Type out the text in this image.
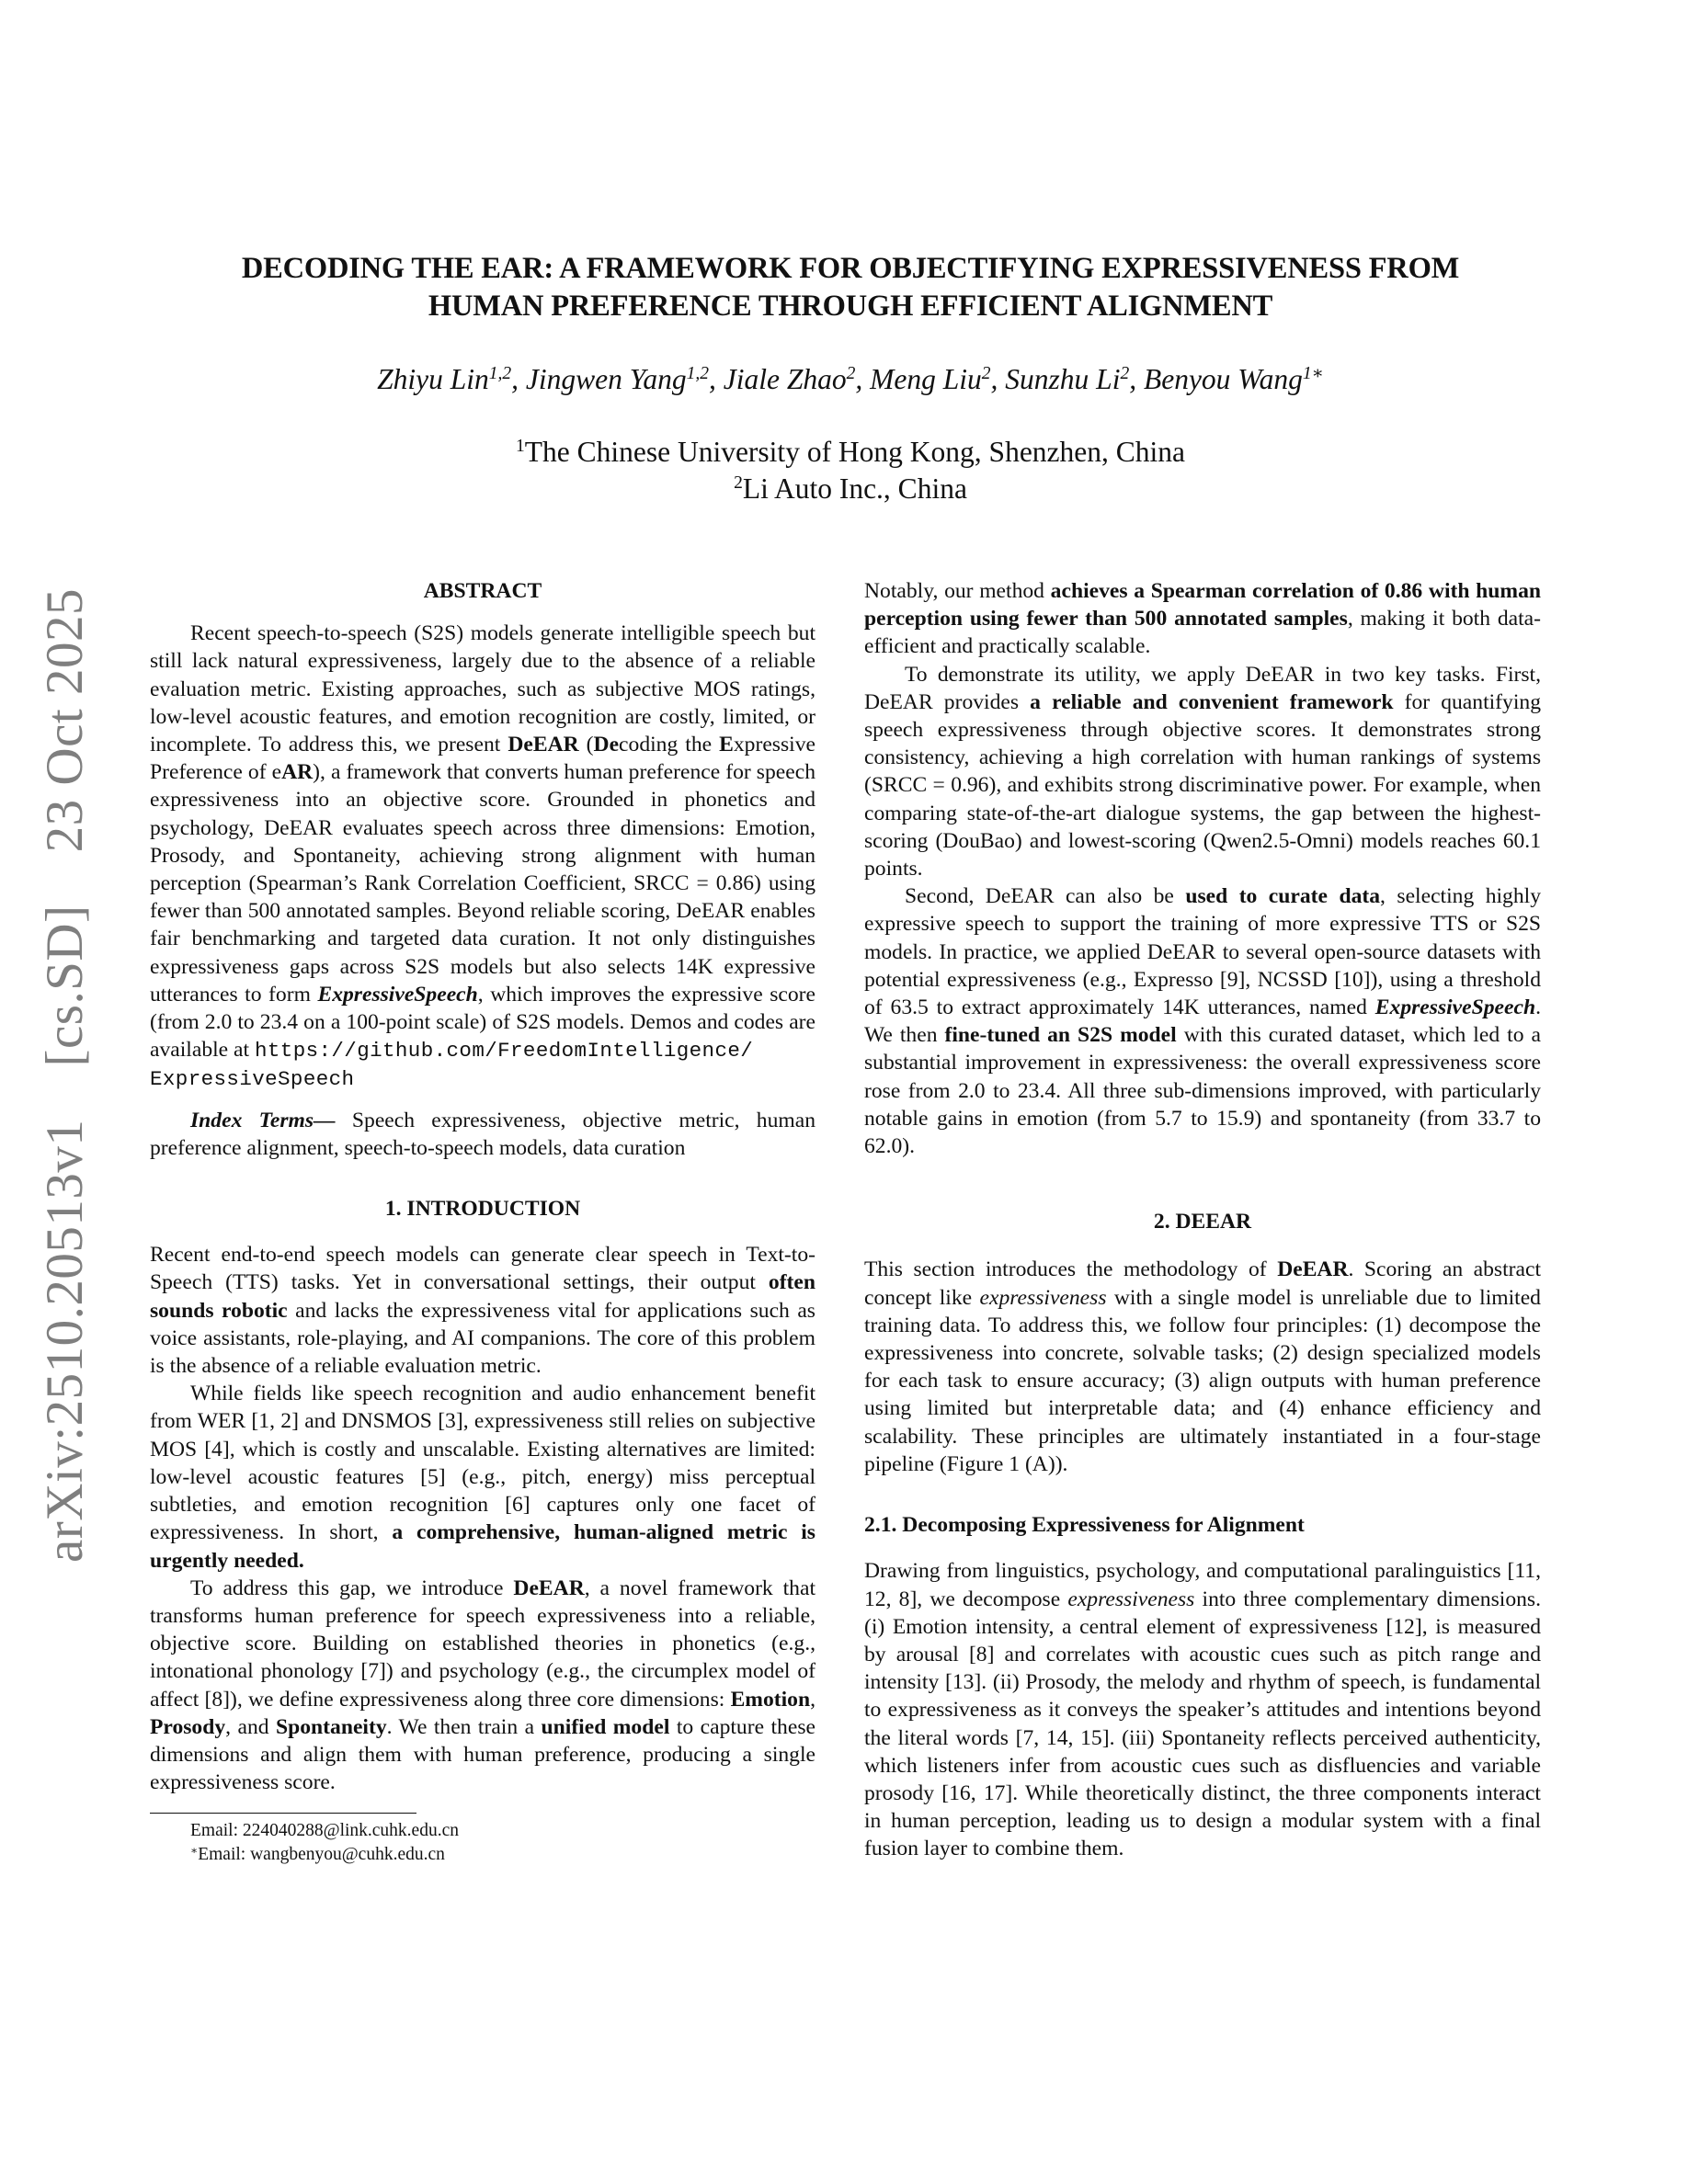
arXiv:2510.20513v1
[cs.SD]
23 Oct 2025
DECODING THE EAR: A FRAMEWORK FOR OBJECTIFYING EXPRESSIVENESS FROM
HUMAN PREFERENCE THROUGH EFFICIENT ALIGNMENT
Zhiyu Lin$^{1,2}$, Jingwen Yang$^{1,2}$, Jiale Zhao$^2$, Meng Liu$^2$, Sunzhu Li$^2$, Benyou Wang$^{1∗}$
$^1$The Chinese University of Hong Kong, Shenzhen, China
$^2$Li Auto Inc., China
ABSTRACT

Recent speech-to-speech (S2S) models generate intelligible speech but still lack natural expressiveness, largely due to the absence of a reliable evaluation metric. Existing approaches, such as subjective MOS ratings, low-level acoustic features, and emotion recognition are costly, limited, or incomplete. To address this, we present DeEAR (Decoding the Expressive Preference of eAR), a framework that converts human preference for speech expressiveness into an objective score. Grounded in phonetics and psychology, DeEAR evaluates speech across three dimensions: Emotion, Prosody, and Spontaneity, achieving strong alignment with human perception (Spearman’s Rank Correlation Coefficient, SRCC = 0.86) using fewer than 500 annotated samples. Beyond reliable scoring, DeEAR enables fair benchmarking and targeted data curation. It not only distinguishes expressiveness gaps across S2S models but also selects 14K expressive utterances to form ExpressiveSpeech, which improves the expressive score (from 2.0 to 23.4 on a 100-point scale) of S2S models. Demos and codes are available at https://github.com/FreedomIntelligence/
ExpressiveSpeech

Index Terms— Speech expressiveness, objective metric, human preference alignment, speech-to-speech models, data curation

1. INTRODUCTION

Recent end-to-end speech models can generate clear speech in Text-to-Speech (TTS) tasks. Yet in conversational settings, their output often sounds robotic and lacks the expressiveness vital for applications such as voice assistants, role-playing, and AI companions. The core of this problem is the absence of a reliable evaluation metric.

While fields like speech recognition and audio enhancement benefit from WER [1, 2] and DNSMOS [3], expressiveness still relies on subjective MOS [4], which is costly and unscalable. Existing alternatives are limited: low-level acoustic features [5] (e.g., pitch, energy) miss perceptual subtleties, and emotion recognition [6] captures only one facet of expressiveness. In short, a comprehensive, human-aligned metric is urgently needed.

To address this gap, we introduce DeEAR, a novel framework that transforms human preference for speech expressiveness into a reliable, objective score. Building on established theories in phonetics (e.g., intonational phonology [7]) and psychology (e.g., the circumplex model of affect [8]), we define expressiveness along three core dimensions: Emotion, Prosody, and Spontaneity. We then train a unified model to capture these dimensions and align them with human preference, producing a single expressiveness score.

Email: 224040288@link.cuhk.edu.cn
∗Email: wangbenyou@cuhk.edu.cn

Notably, our method achieves a Spearman correlation of 0.86 with human perception using fewer than 500 annotated samples, making it both data-efficient and practically scalable.

To demonstrate its utility, we apply DeEAR in two key tasks. First, DeEAR provides a reliable and convenient framework for quantifying speech expressiveness through objective scores. It demonstrates strong consistency, achieving a high correlation with human rankings of systems (SRCC = 0.96), and exhibits strong discriminative power. For example, when comparing state-of-the-art dialogue systems, the gap between the highest-scoring (DouBao) and lowest-scoring (Qwen2.5-Omni) models reaches 60.1 points.

Second, DeEAR can also be used to curate data, selecting highly expressive speech to support the training of more expressive TTS or S2S models. In practice, we applied DeEAR to several open-source datasets with potential expressiveness (e.g., Expresso [9], NCSSD [10]), using a threshold of 63.5 to extract approximately 14K utterances, named ExpressiveSpeech. We then fine-tuned an S2S model with this curated dataset, which led to a substantial improvement in expressiveness: the overall expressiveness score rose from 2.0 to 23.4. All three sub-dimensions improved, with particularly notable gains in emotion (from 5.7 to 15.9) and spontaneity (from 33.7 to 62.0).

2. DEEAR

This section introduces the methodology of DeEAR. Scoring an abstract concept like expressiveness with a single model is unreliable due to limited training data. To address this, we follow four principles: (1) decompose the expressiveness into concrete, solvable tasks; (2) design specialized models for each task to ensure accuracy; (3) align outputs with human preference using limited but interpretable data; and (4) enhance efficiency and scalability. These principles are ultimately instantiated in a four-stage pipeline (Figure 1 (A)).

2.1. Decomposing Expressiveness for Alignment

Drawing from linguistics, psychology, and computational paralinguistics [11, 12, 8], we decompose expressiveness into three complementary dimensions. (i) Emotion intensity, a central element of expressiveness [12], is measured by arousal [8] and correlates with acoustic cues such as pitch range and intensity [13]. (ii) Prosody, the melody and rhythm of speech, is fundamental to expressiveness as it conveys the speaker’s attitudes and intentions beyond the literal words [7, 14, 15]. (iii) Spontaneity reflects perceived authenticity, which listeners infer from acoustic cues such as disfluencies and variable prosody [16, 17]. While theoretically distinct, the three components interact in human perception, leading us to design a modular system with a final fusion layer to combine them.
